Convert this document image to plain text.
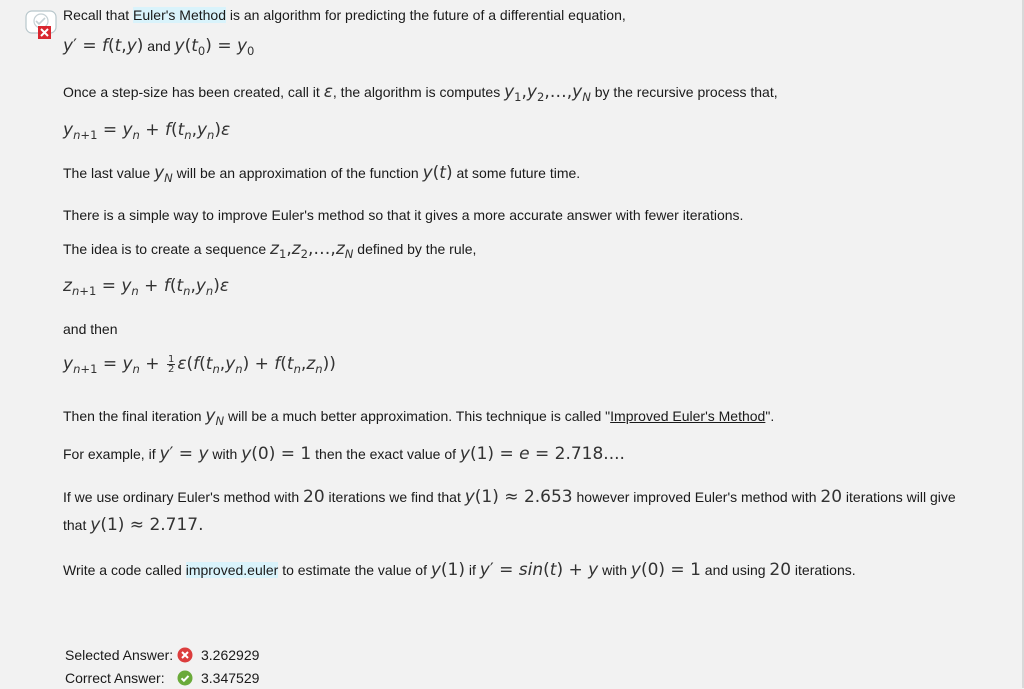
Recall that Euler's Method is an algorithm for predicting the future of a differential equation,
y′ = f(t,y) and $y(t_0) = y_0$
Once a step-size has been created, call it ε, the algorithm is computes $y_1,y_2,\dots,y_N$ by the recursive process that,
$y_{n+1} = y_n + f(t_n,y_n)\varepsilon$
The last value $y_N$ will be an approximation of the function y(t) at some future time.
There is a simple way to improve Euler's method so that it gives a more accurate answer with fewer iterations.
The idea is to create a sequence $z_1,z_2,\dots,z_N$ defined by the rule,
$z_{n+1} = y_n + f(t_n,y_n)\varepsilon$
and then
$y_{n+1} = y_n + \frac{1}{2} \varepsilon(f(t_n,y_n) + f(t_n,z_n))$
Then the final iteration $y_N$ will be a much better approximation. This technique is called "Improved Euler's Method".
For example, if y′ = y with y(0) = 1 then the exact value of y(1) = e = 2.718....
If we use ordinary Euler's method with 20 iterations we find that y(1) ≈ 2.653 however improved Euler's method with 20 iterations will give
that y(1) ≈ 2.717.
Write a code called improved.euler to estimate the value of y(1) if y′ = sin(t) + y with y(0) = 1 and using 20 iterations.
Selected Answer: 3.262929
Correct Answer:	3.347529
